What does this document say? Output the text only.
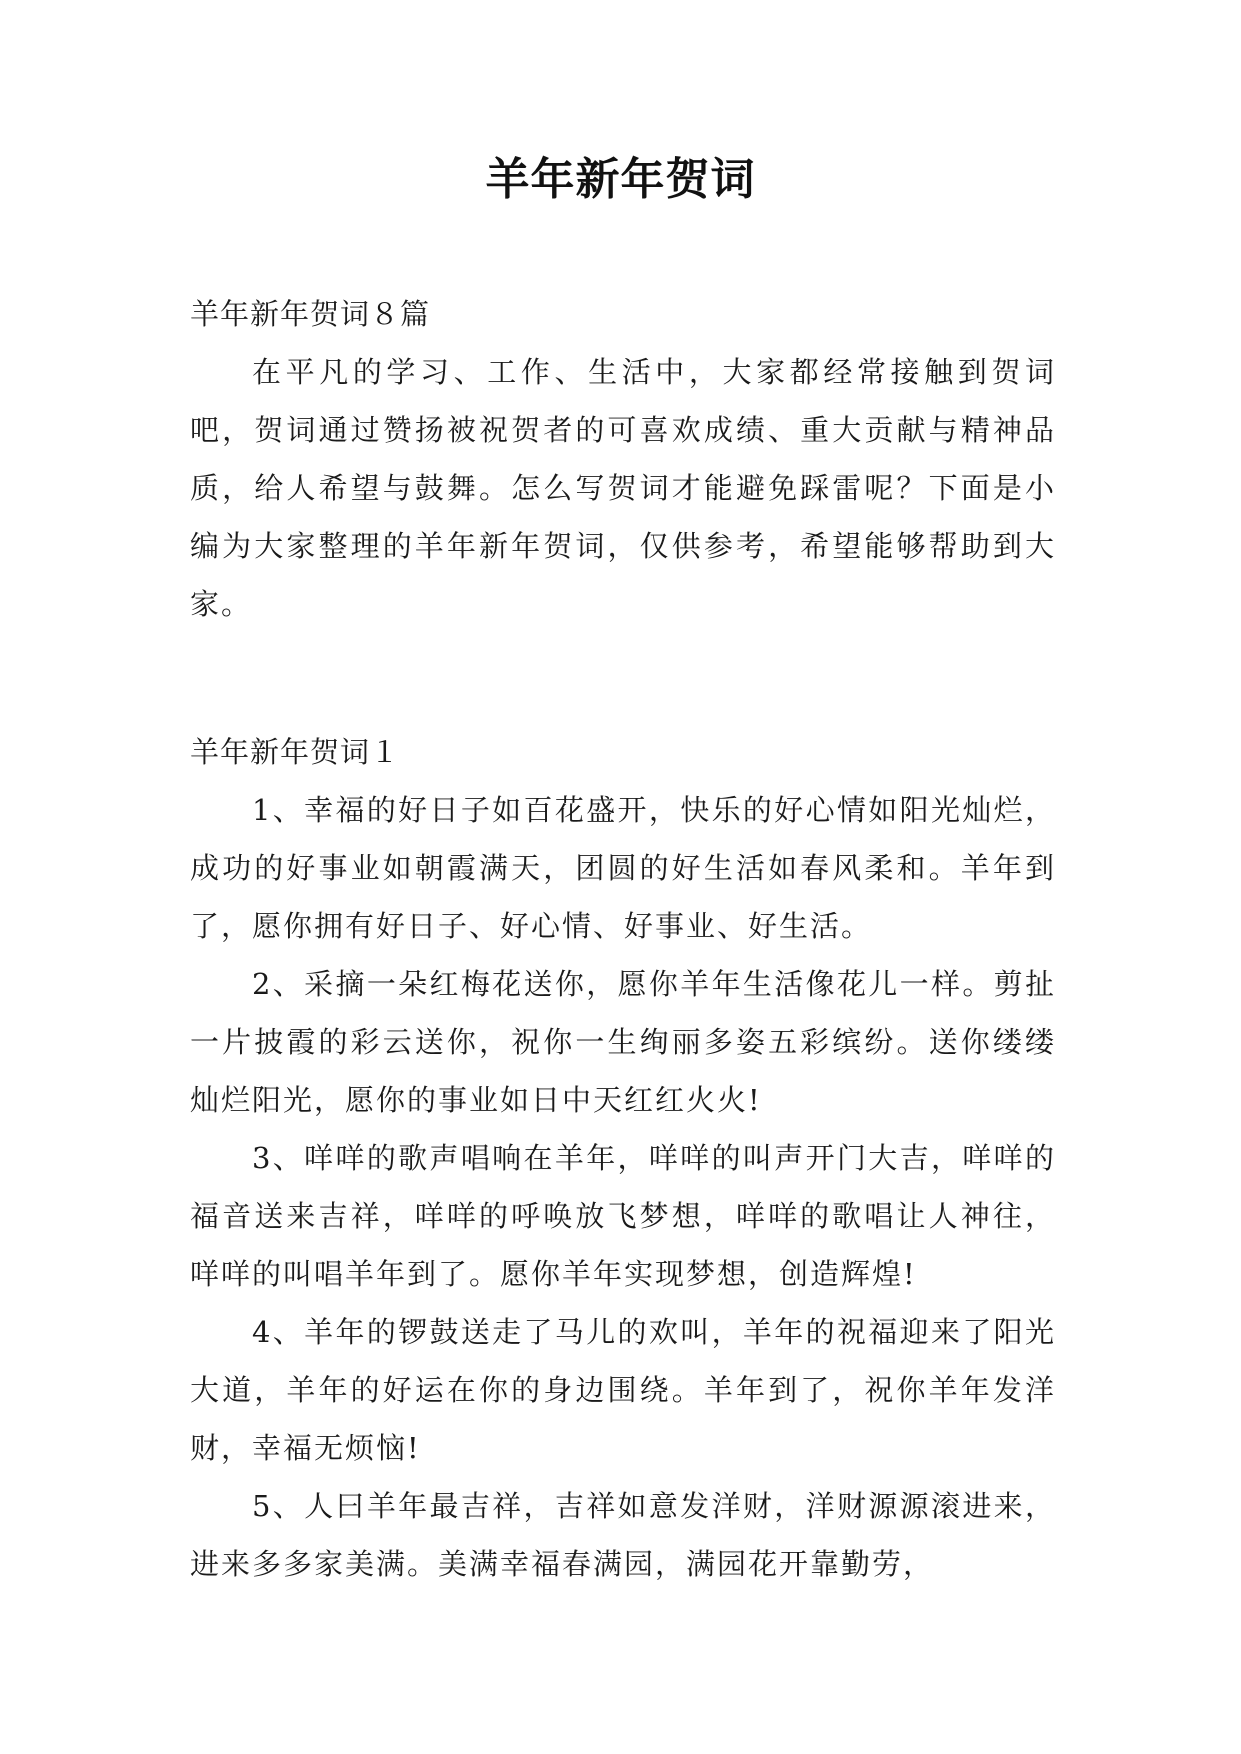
羊年新年贺词

羊年新年贺词８篇

在平凡的学习、工作、生活中，大家都经常接触到贺词吧，贺词通过赞扬被祝贺者的可喜欢成绩、重大贡献与精神品质，给人希望与鼓舞。怎么写贺词才能避免踩雷呢？下面是小编为大家整理的羊年新年贺词，仅供参考，希望能够帮助到大家。

羊年新年贺词１

1、幸福的好日子如百花盛开，快乐的好心情如阳光灿烂，成功的好事业如朝霞满天，团圆的好生活如春风柔和。羊年到了，愿你拥有好日子、好心情、好事业、好生活。

2、采摘一朵红梅花送你，愿你羊年生活像花儿一样。剪扯一片披霞的彩云送你，祝你一生绚丽多姿五彩缤纷。送你缕缕灿烂阳光，愿你的事业如日中天红红火火!

3、咩咩的歌声唱响在羊年，咩咩的叫声开门大吉，咩咩的福音送来吉祥，咩咩的呼唤放飞梦想，咩咩的歌唱让人神往，咩咩的叫唱羊年到了。愿你羊年实现梦想，创造辉煌!

4、羊年的锣鼓送走了马儿的欢叫，羊年的祝福迎来了阳光大道，羊年的好运在你的身边围绕。羊年到了，祝你羊年发洋财，幸福无烦恼!

5、人曰羊年最吉祥，吉祥如意发洋财，洋财源源滚进来，进来多多家美满。美满幸福春满园，满园花开靠勤劳，
